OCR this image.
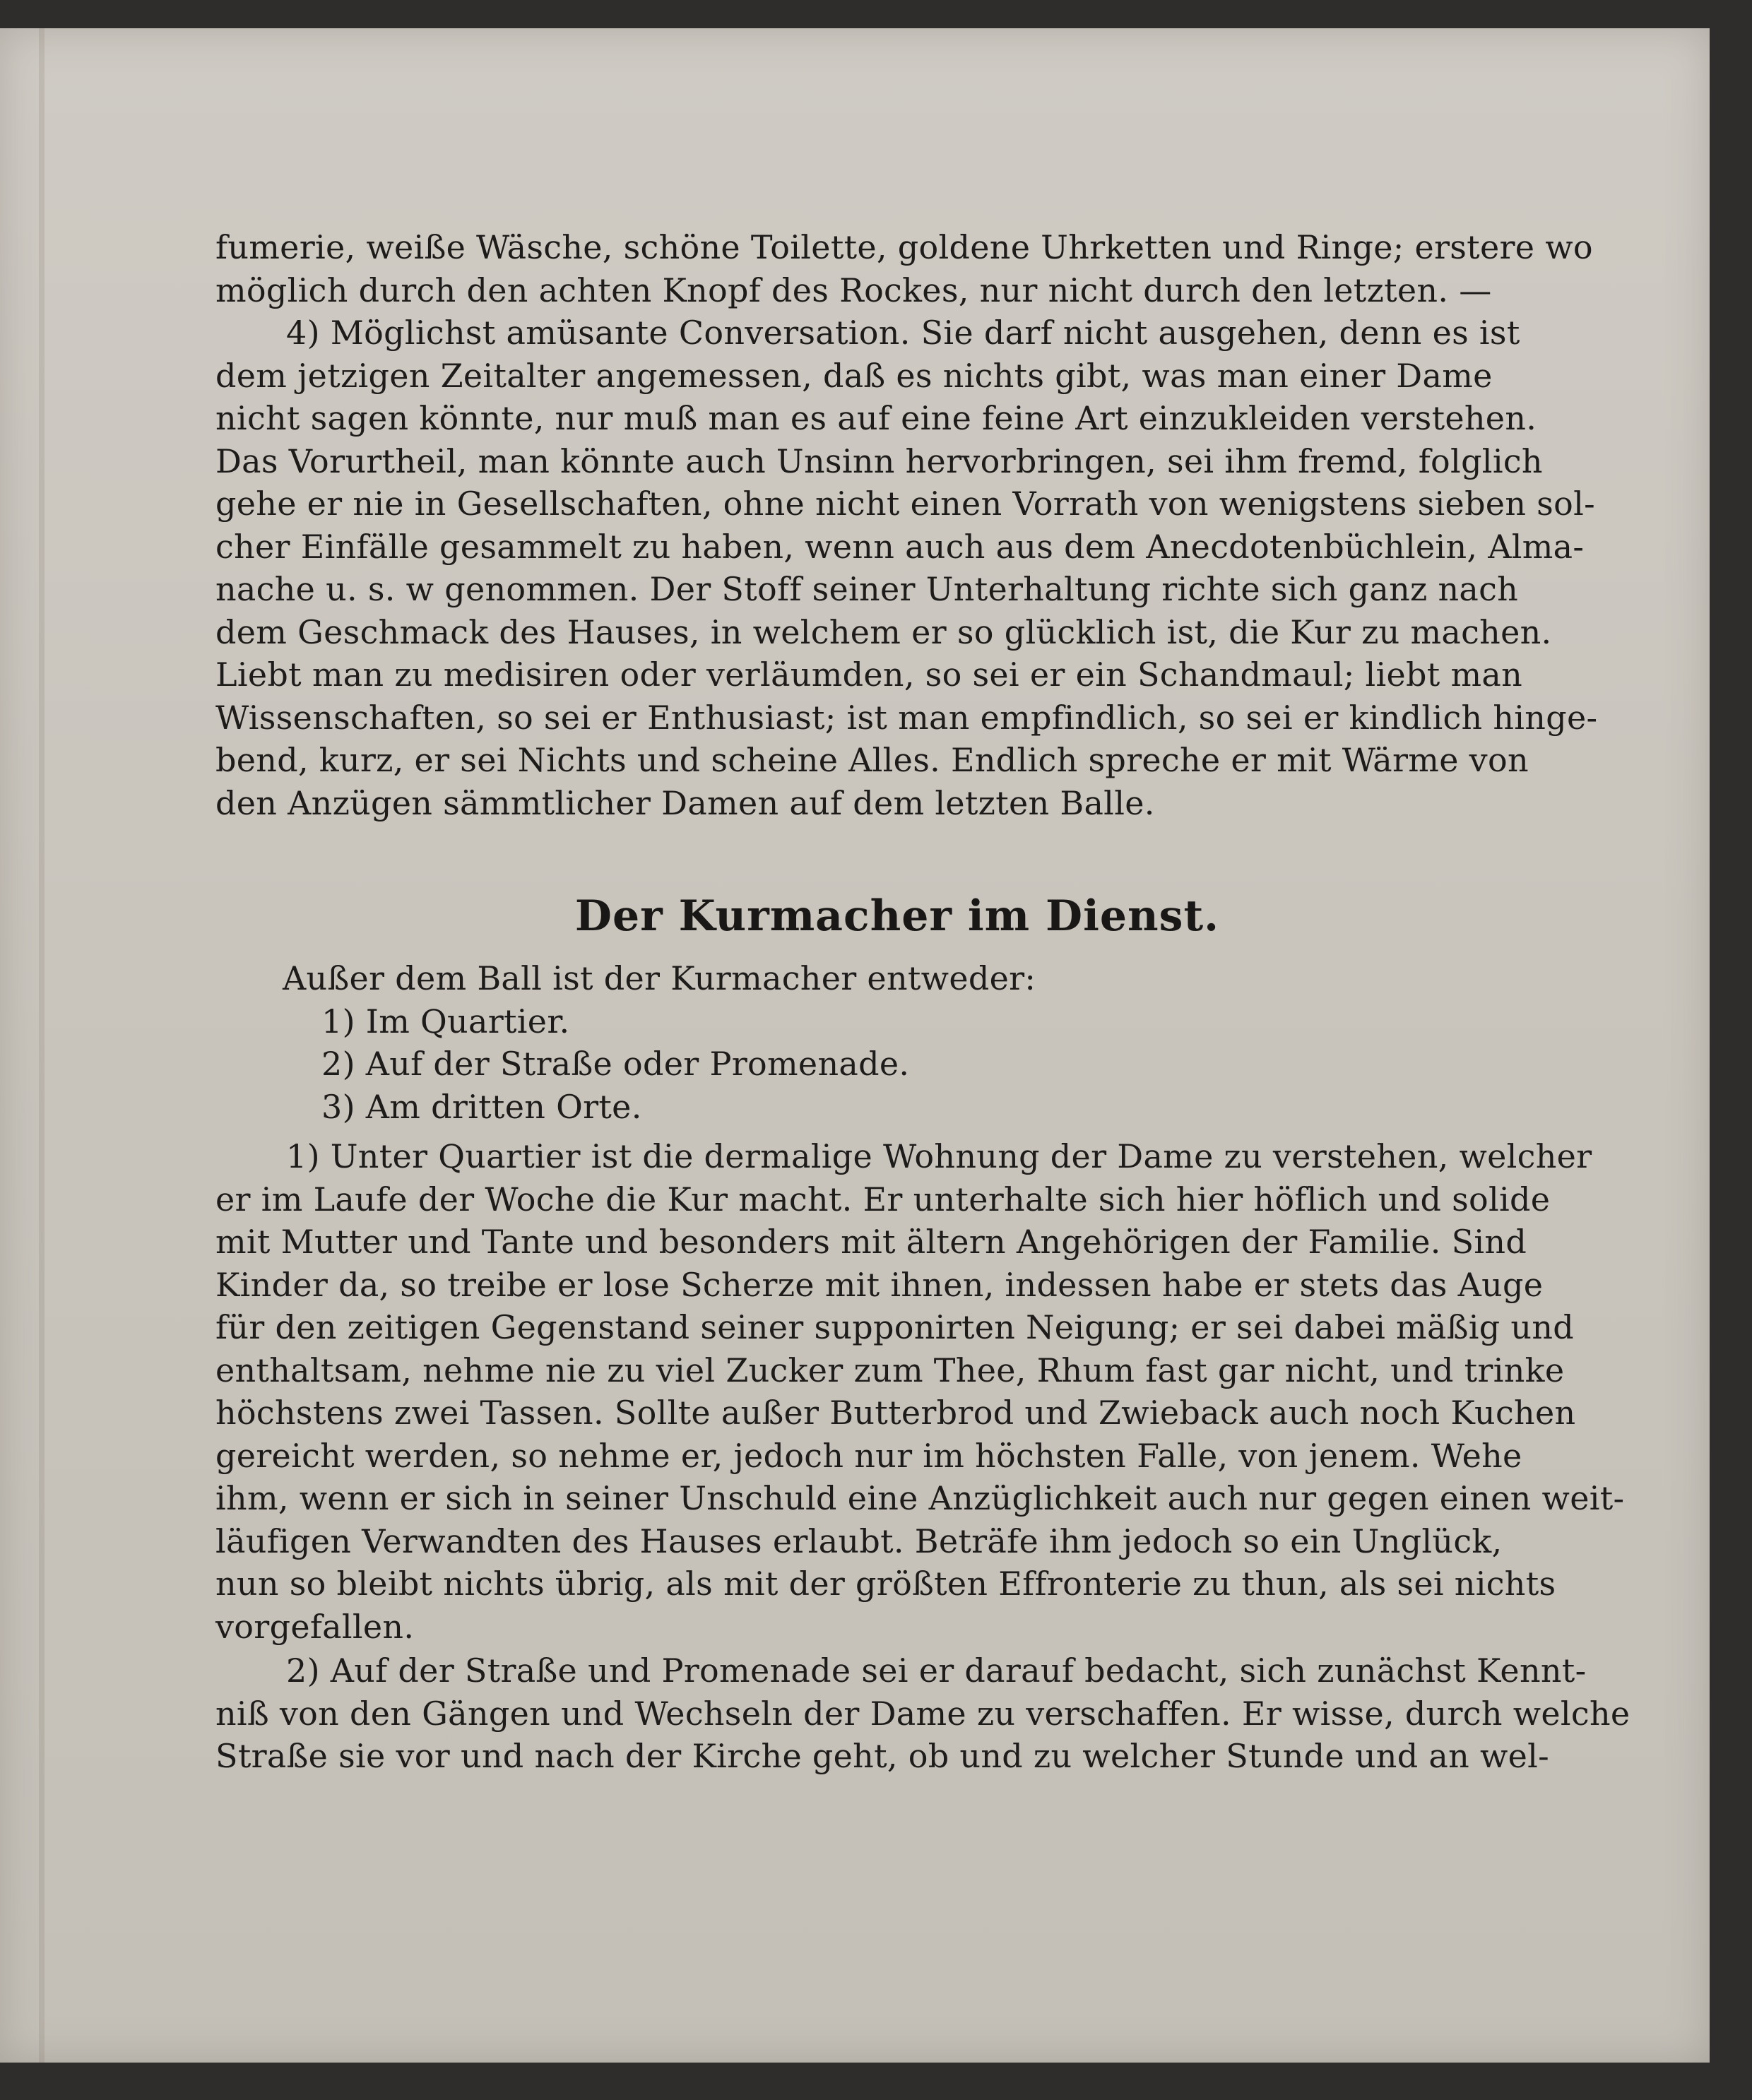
fumerie, weiße Wäsche, schöne Toilette, goldene Uhrketten und Ringe; erstere wo
möglich durch den achten Knopf des Rockes, nur nicht durch den letzten. —
4) Möglichst amüsante Conversation. Sie darf nicht ausgehen, denn es ist
dem jetzigen Zeitalter angemessen, daß es nichts gibt, was man einer Dame
nicht sagen könnte, nur muß man es auf eine feine Art einzukleiden verstehen.
Das Vorurtheil, man könnte auch Unsinn hervorbringen, sei ihm fremd, folglich
gehe er nie in Gesellschaften, ohne nicht einen Vorrath von wenigstens sieben sol-
cher Einfälle gesammelt zu haben, wenn auch aus dem Anecdotenbüchlein, Alma-
nache u. s. w genommen. Der Stoff seiner Unterhaltung richte sich ganz nach
dem Geschmack des Hauses, in welchem er so glücklich ist, die Kur zu machen.
Liebt man zu medisiren oder verläumden, so sei er ein Schandmaul; liebt man
Wissenschaften, so sei er Enthusiast; ist man empfindlich, so sei er kindlich hinge-
bend, kurz, er sei Nichts und scheine Alles. Endlich spreche er mit Wärme von
den Anzügen sämmtlicher Damen auf dem letzten Balle.
Der Kurmacher im Dienst.
Außer dem Ball ist der Kurmacher entweder:
1) Im Quartier.
2) Auf der Straße oder Promenade.
3) Am dritten Orte.
1) Unter Quartier ist die dermalige Wohnung der Dame zu verstehen, welcher
er im Laufe der Woche die Kur macht. Er unterhalte sich hier höflich und solide
mit Mutter und Tante und besonders mit ältern Angehörigen der Familie. Sind
Kinder da, so treibe er lose Scherze mit ihnen, indessen habe er stets das Auge
für den zeitigen Gegenstand seiner supponirten Neigung; er sei dabei mäßig und
enthaltsam, nehme nie zu viel Zucker zum Thee, Rhum fast gar nicht, und trinke
höchstens zwei Tassen. Sollte außer Butterbrod und Zwieback auch noch Kuchen
gereicht werden, so nehme er, jedoch nur im höchsten Falle, von jenem. Wehe
ihm, wenn er sich in seiner Unschuld eine Anzüglichkeit auch nur gegen einen weit-
läufigen Verwandten des Hauses erlaubt. Beträfe ihm jedoch so ein Unglück,
nun so bleibt nichts übrig, als mit der größten Effronterie zu thun, als sei nichts
vorgefallen.
2) Auf der Straße und Promenade sei er darauf bedacht, sich zunächst Kennt-
niß von den Gängen und Wechseln der Dame zu verschaffen. Er wisse, durch welche
Straße sie vor und nach der Kirche geht, ob und zu welcher Stunde und an wel-
